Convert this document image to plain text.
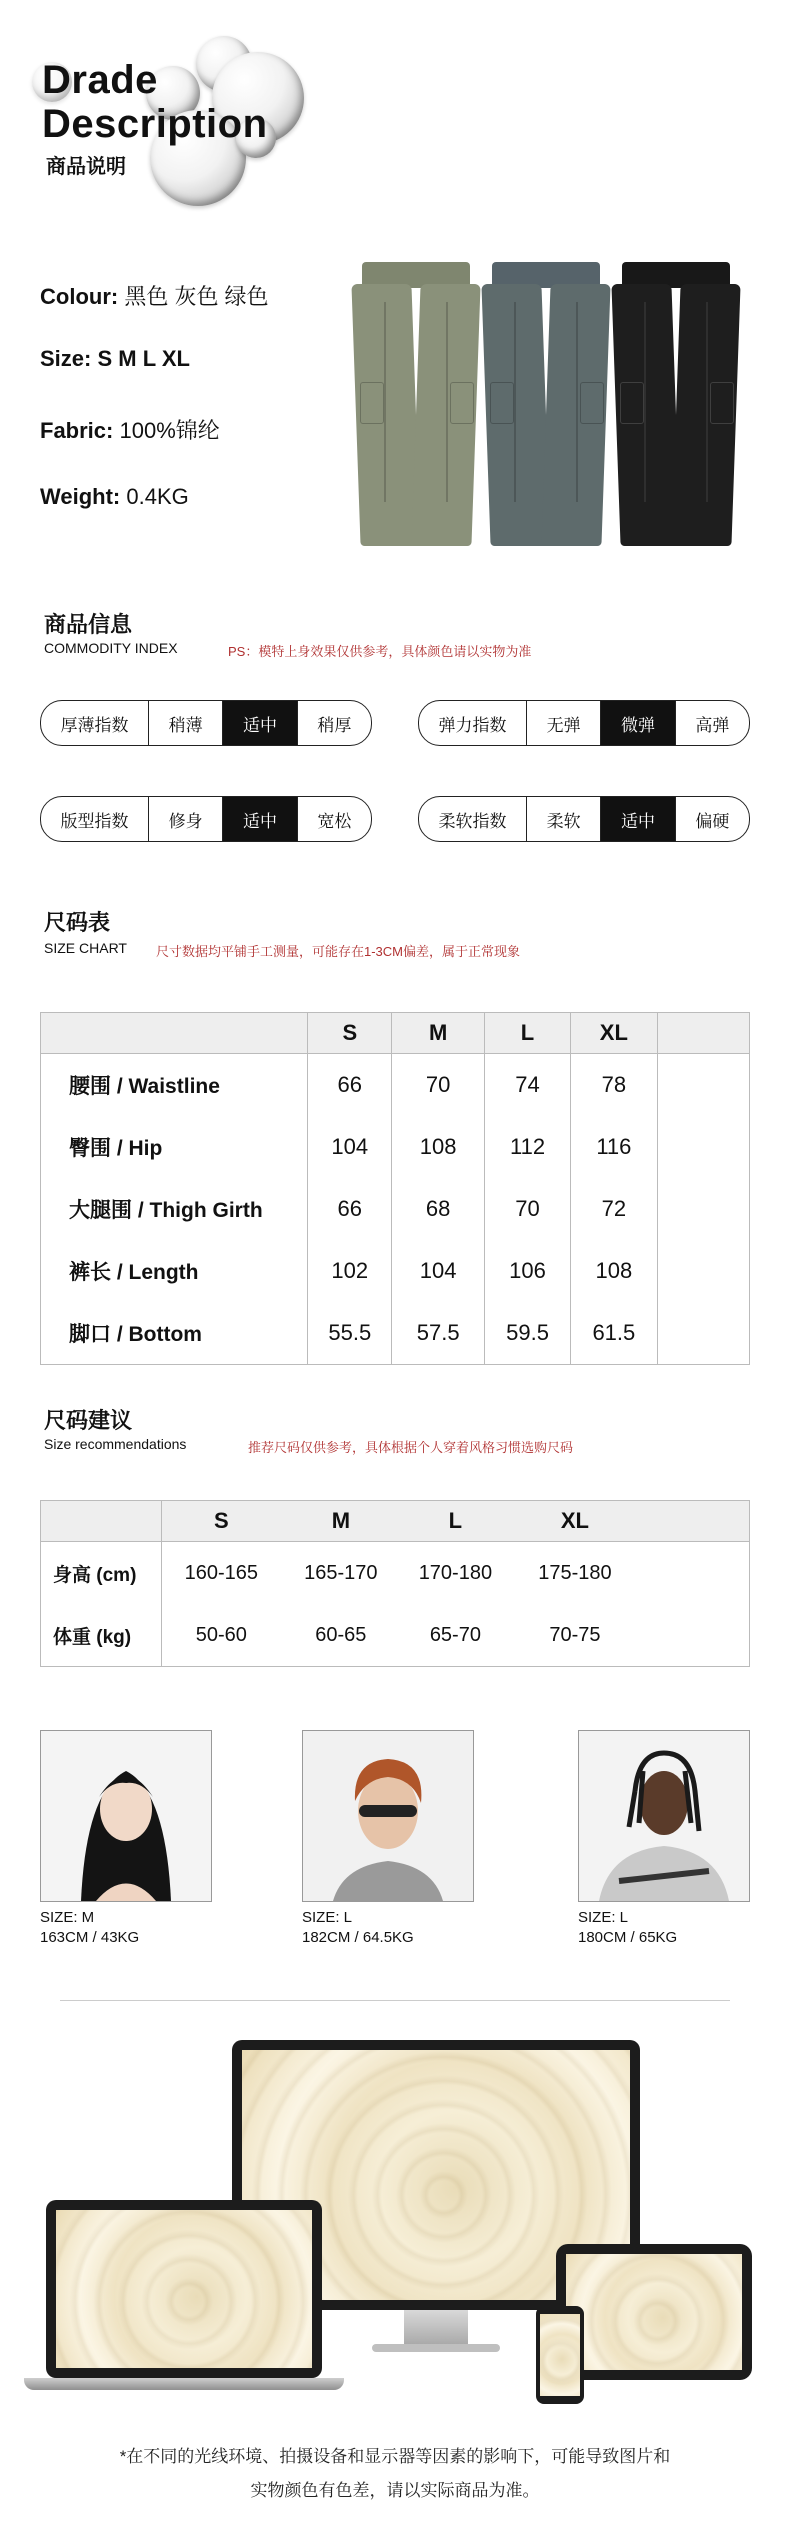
Drade
Description
商品说明
Colour: 黑色 灰色 绿色
Size: S M L XL
Fabric: 100%锦纶
Weight: 0.4KG
商品信息
COMMODITY INDEX	PS：模特上身效果仅供参考，具体颜色请以实物为准
厚薄指数	稍薄	适中	稍厚	弹力指数	无弹	微弹	高弹
版型指数	修身	适中	宽松	柔软指数	柔软	适中	偏硬
尺码表
SIZE CHART 尺寸数据均平铺手工测量，可能存在1-3CM偏差，属于正常现象
	S	M	L	XL	
腰围 / Waistline	66	70	74	78	
臀围 / Hip	104	108	112	116	
大腿围 / Thigh Girth	66	68	70	72	
裤长 / Length	102	104	106	108	
脚口 / Bottom	55.5	57.5	59.5	61.5	
尺码建议
Size recommendations	推荐尺码仅供参考，具体根据个人穿着风格习惯选购尺码
	S	M	L	XL	
身高 (cm)	160-165	165-170	170-180	175-180	
体重 (kg)	50-60	60-65	65-70	70-75	
SIZE: M
163CM / 43KG
SIZE: L
182CM / 64.5KG
SIZE: L
180CM / 65KG
*在不同的光线环境、拍摄设备和显示器等因素的影响下，可能导致图片和
实物颜色有色差，请以实际商品为准。
